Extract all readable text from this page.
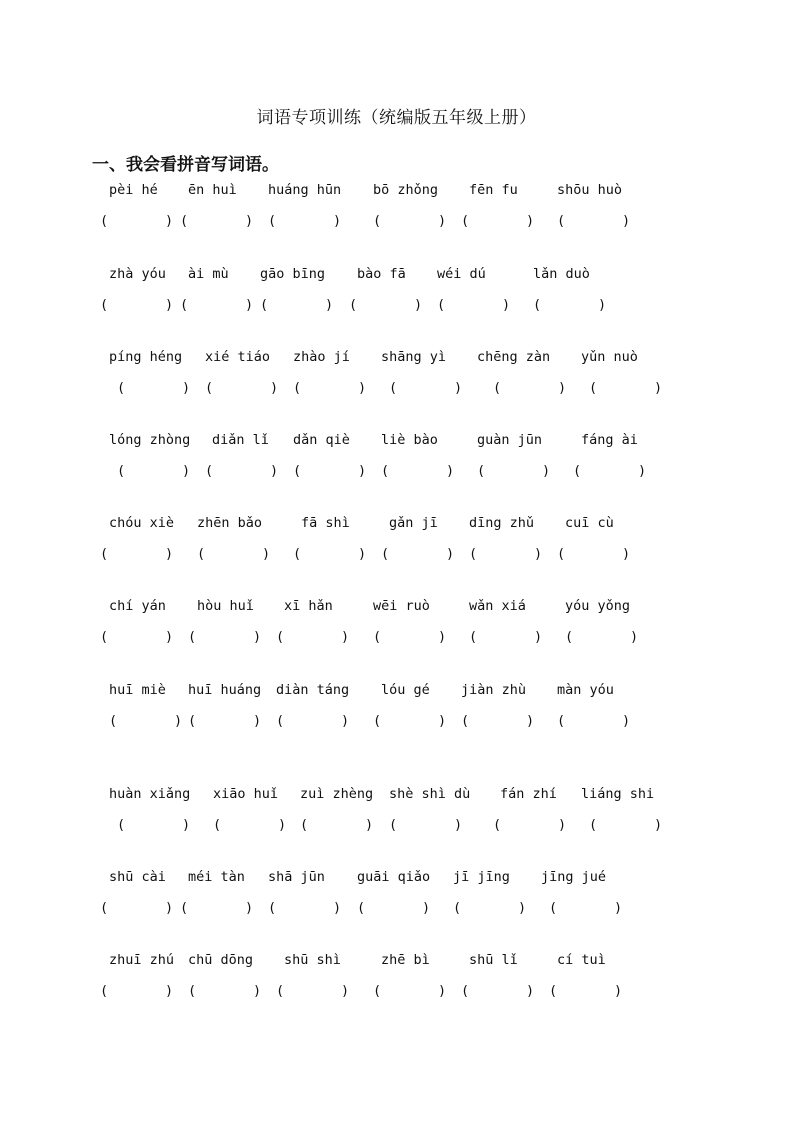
词语专项训练（统编版五年级上册）
一、我会看拼音写词语。
pèi hé
(       )
ēn huì
(       )
huáng hūn
(       )
bō zhǒng
(       )
fēn fu
(       )
shōu huò
(       )
zhà yóu
(       )
ài mù
(       )
gāo bīng
(       )
bào fā
(       )
wéi dú
(       )
lǎn duò
(       )
píng héng
(       )
xié tiáo
(       )
zhào jí
(       )
shāng yì
(       )
chēng zàn
(       )
yǔn nuò
(       )
lóng zhòng
(       )
diǎn lǐ
(       )
dǎn qiè
(       )
liè bào
(       )
guàn jūn
(       )
fáng ài
(       )
chóu xiè
(       )
zhēn bǎo
(       )
fā shì
(       )
gǎn jī
(       )
dīng zhǔ
(       )
cuī cù
(       )
chí yán
(       )
hòu huǐ
(       )
xī hǎn
(       )
wēi ruò
(       )
wǎn xiá
(       )
yóu yǒng
(       )
huī miè
(       )
huī huáng
(       )
diàn táng
(       )
lóu gé
(       )
jiàn zhù
(       )
màn yóu
(       )
huàn xiǎng
(       )
xiāo huǐ
(       )
zuì zhèng
(       )
shè shì dù
(       )
fán zhí
(       )
liáng shi
(       )
shū cài
(       )
méi tàn
(       )
shā jūn
(       )
guāi qiǎo
(       )
jī jīng
(       )
jīng jué
(       )
zhuī zhú
(       )
chū dōng
(       )
shū shì
(       )
zhē bì
(       )
shū lǐ
(       )
cí tuì
(       )
